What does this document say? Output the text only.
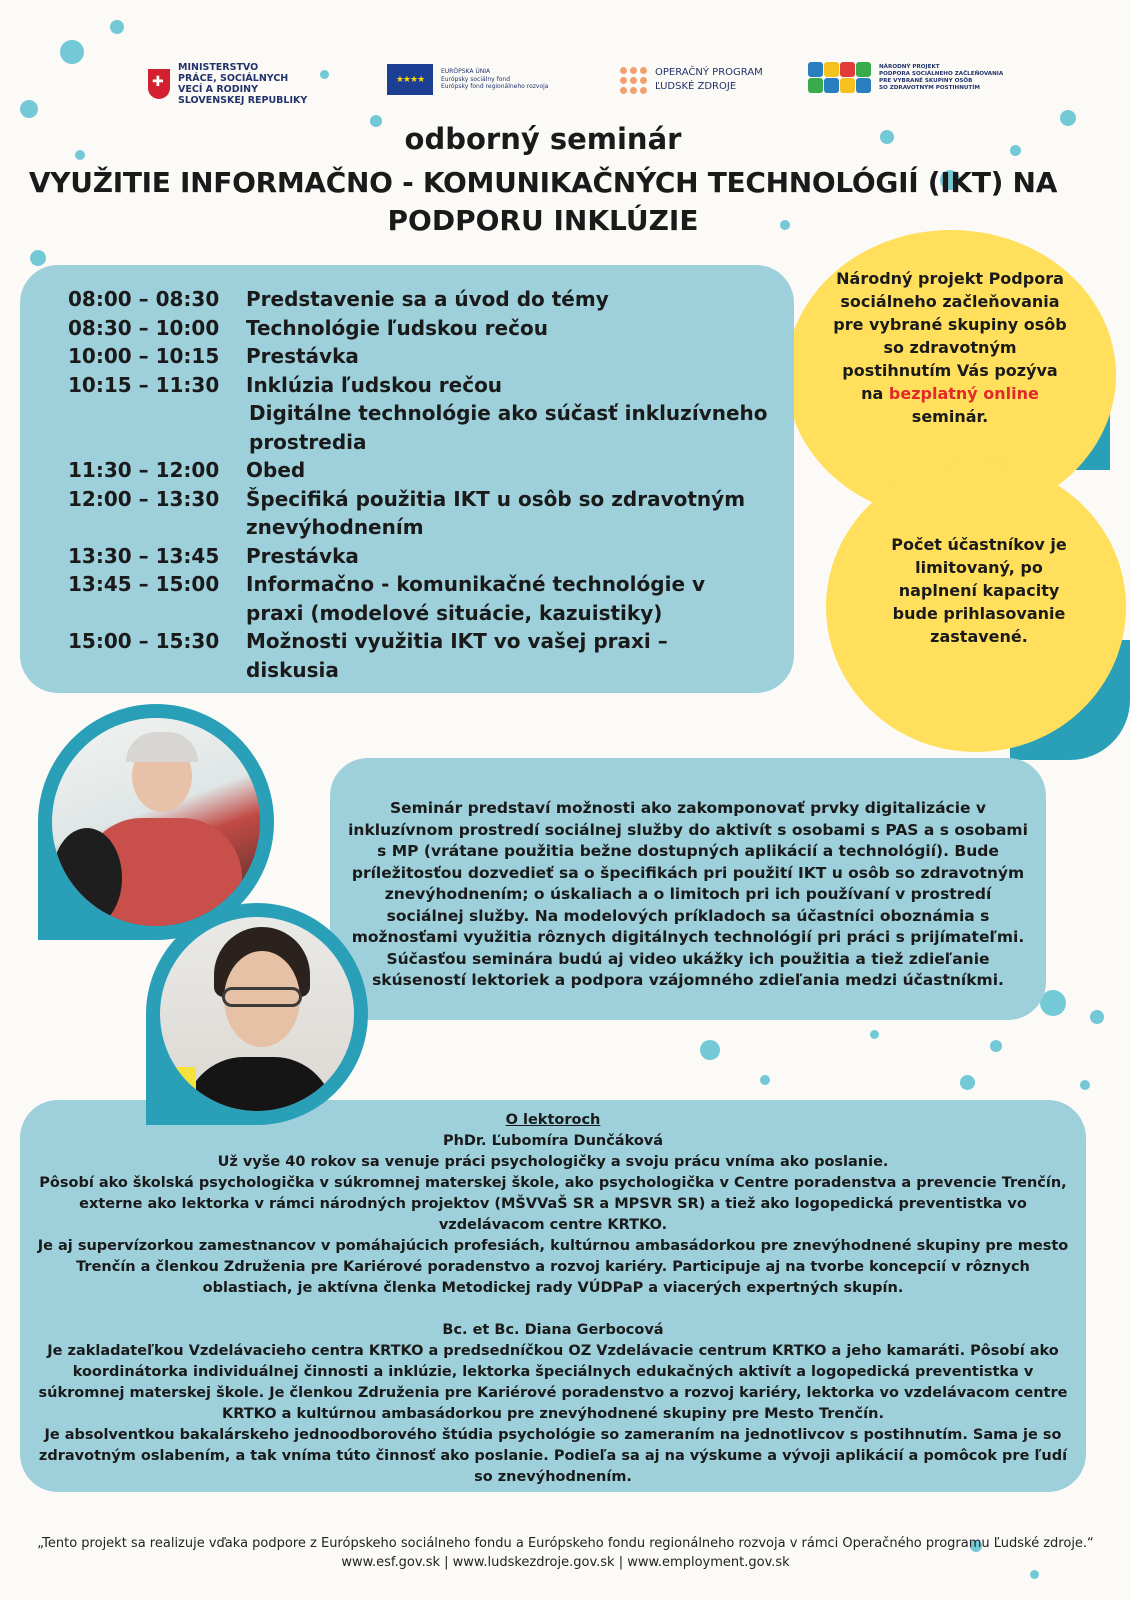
✚
MINISTERSTVO
PRÁCE, SOCIÁLNYCH
VECÍ A RODINY
SLOVENSKEJ REPUBLIKY
★★★★
EURÓPSKA ÚNIA
Európsky sociálny fond
Európsky fond regionálneho rozvoja
OPERAČNÝ PROGRAM
ĽUDSKÉ ZDROJE
NÁRODNÝ PROJEKT
PODPORA SOCIÁLNEHO ZAČLEŇOVANIA
PRE VYBRANÉ SKUPINY OSÔB
SO ZDRAVOTNÝM POSTIHNUTÍM
odborný seminár
VYUŽITIE INFORMAČNO - KOMUNIKAČNÝCH TECHNOLÓGIÍ (IKT) NA
PODPORU INKLÚZIE
Národný projekt Podpora sociálneho začleňovania pre vybrané skupiny osôb so zdravotným postihnutím Vás pozýva na bezplatný online seminár.
Počet účastníkov je limitovaný, po naplnení kapacity bude prihlasovanie zastavené.
08:00 – 08:30	Predstavenie sa a úvod do témy
08:30 – 10:00	Technológie ľudskou rečou
10:00 – 10:15	Prestávka
10:15 – 11:30	Inklúzia ľudskou rečou
Digitálne technológie ako súčasť inkluzívneho prostredia
11:30 – 12:00	Obed
12:00 – 13:30	Špecifiká použitia IKT u osôb so zdravotným znevýhodnením
13:30 – 13:45	Prestávka
13:45 – 15:00	Informačno - komunikačné technológie v praxi (modelové situácie, kazuistiky)
15:00 – 15:30	Možnosti využitia IKT vo vašej praxi – diskusia
Seminár predstaví možnosti ako zakomponovať prvky digitalizácie v inkluzívnom prostredí sociálnej služby do aktivít s osobami s PAS a s osobami s MP (vrátane použitia bežne dostupných aplikácií a technológií). Bude príležitosťou dozvedieť sa o špecifikách pri použití IKT u osôb so zdravotným znevýhodnením; o úskaliach a o limitoch pri ich používaní v prostredí sociálnej služby. Na modelových príkladoch sa účastníci oboznámia s možnosťami využitia rôznych digitálnych technológií pri práci s prijímateľmi. Súčasťou seminára budú aj video ukážky ich použitia a tiež zdieľanie skúseností lektoriek a podpora vzájomného zdieľania medzi účastníkmi.
O lektoroch
PhDr. Ľubomíra Dunčáková
Už vyše 40 rokov sa venuje práci psychologičky a svoju prácu vníma ako poslanie.
Pôsobí ako školská psychologička v súkromnej materskej škole, ako psychologička v Centre poradenstva a prevencie Trenčín, externe ako lektorka v rámci národných projektov (MŠVVaŠ SR a MPSVR SR) a tiež ako logopedická preventistka vo vzdelávacom centre KRTKO.
Je aj supervízorkou zamestnancov v pomáhajúcich profesiách, kultúrnou ambasádorkou pre znevýhodnené skupiny pre mesto Trenčín a členkou Združenia pre Kariérové poradenstvo a rozvoj kariéry. Participuje aj na tvorbe koncepcií v rôznych oblastiach, je aktívna členka Metodickej rady VÚDPaP a viacerých expertných skupín.
Bc. et Bc. Diana Gerbocová
Je zakladateľkou Vzdelávacieho centra KRTKO a predsedníčkou OZ Vzdelávacie centrum KRTKO a jeho kamaráti. Pôsobí ako koordinátorka individuálnej činnosti a inklúzie, lektorka špeciálnych edukačných aktivít a logopedická preventistka v súkromnej materskej škole. Je členkou Združenia pre Kariérové poradenstvo a rozvoj kariéry, lektorka vo vzdelávacom centre KRTKO a kultúrnou ambasádorkou pre znevýhodnené skupiny pre Mesto Trenčín.
Je absolventkou bakalárskeho jednoodborového štúdia psychológie so zameraním na jednotlivcov s postihnutím. Sama je so zdravotným oslabením, a tak vníma túto činnosť ako poslanie. Podieľa sa aj na výskume a vývoji aplikácií a pomôcok pre ľudí so znevýhodnením.
„Tento projekt sa realizuje vďaka podpore z Európskeho sociálneho fondu a Európskeho fondu regionálneho rozvoja v rámci Operačného programu Ľudské zdroje.“
www.esf.gov.sk | www.ludskezdroje.gov.sk | www.employment.gov.sk
